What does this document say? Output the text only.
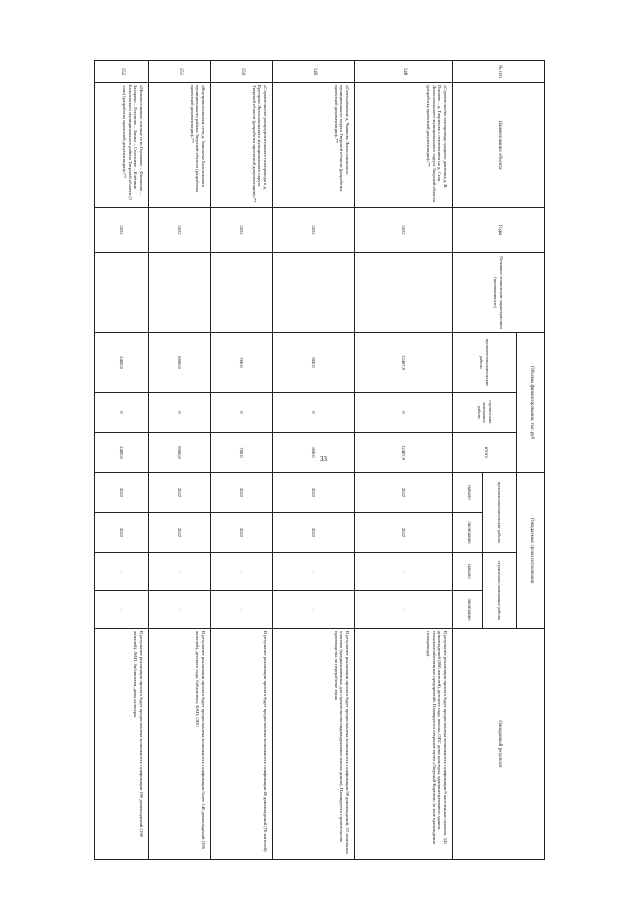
33
№ п/п	Наименование объекта	Годы	Основные технические характеристики (протяженность)	Объемы финансирования, тыс.руб			Ожидаемые сроки исполнения				Ожидаемый результат
				проектно-изыскательские работы	строительно-монтажные работы	итого	проектно-изыскательские работы		строительно-монтажные работы		
							начало	окончание	начало	окончание	
148	«Строительство газопровода среднего давления д. В. Пискове – д. Гаврилово с отвлечением на д. Стан Лихославльского муниципального округа Тверской области (разработка проектной документации)»**	2022		12487,9	0	12487,9	2022	2022	-	-	В результате реализации проекта будет предоставлена возможность газификации 9 населенных пунктов, 341 домовладений (860 жителей), детского сада, школы, ОПС дома культуры, административного здания, сельскохозяйственных предприятий. Планируется открытие музея «Тверской Карелии» (в зоне прохождения газопровода)
149	«Газоснабжение д. Чашково Лихославльского муниципального округа Тверской области (разработка проектной документации)»**	2022		600,0	0	600,0	2022	2022	-	-	В результате реализации проекта будет предоставлена возможность газификации 69 домовладений, 22 земельных участков (предназначенных для строительства индивидуальных жилых домов). Планируется строительство производства по переработке зерна
150	«Строительство распределительного газопровода в д. Крутцово Лихославльского муниципального округа Тверской области (разработка проектной документации)»**	2022		780,0	0	780,0	2022	2022	-	-	В результате реализации проекта будет предоставлена возможность газификации 46 домовладений (70 жителей)
151	«Внутрипоселковые сети д. Заполотье Бологовского муниципального района Тверской области (разработка проектной документации)»**	2022		6600,0	0	6600,0	2022	2022	-	-	В результате реализации проекта будет предоставлена возможность газификации более 140 домовладений (356 жителей), детского сада, библиотеки, ФАП, ОПС
152	«Межпоселковые газовые сети Горчаково – Филипово – Захарово – Гетуново – Заелье – Селезнево – Клёпино Бологовского муниципального района Тверской области (1 этап) (разработка проектной документации)»**	2022		2400,0	0	2400,0	2022	2022	-	-	В результате реализации проекта будет предоставлена возможность газификации 196 домовладений (160 жителей), ФАП, библиотеки, дома культуры
